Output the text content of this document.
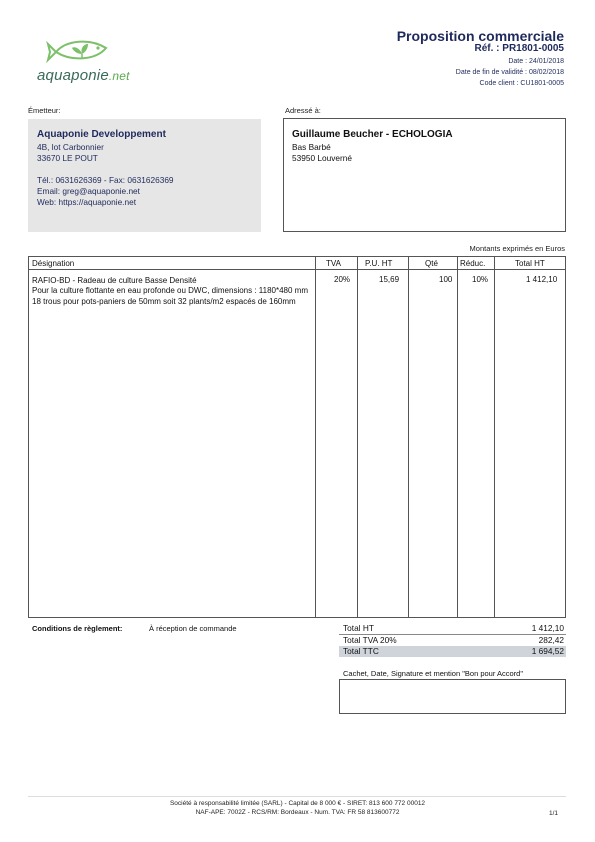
aquaponie.net
Proposition commerciale
Réf. : PR1801-0005
Date : 24/01/2018
Date de fin de validité : 08/02/2018
Code client : CU1801-0005
Émetteur:
Aquaponie Developpement
4B, lot Carbonnier
33670 LE POUT
Tél.: 0631626369 - Fax: 0631626369
Email: greg@aquaponie.net
Web: https://aquaponie.net
Adressé à:
Guillaume Beucher - ECHOLOGIA
Bas Barbé
53950 Louverné
Montants exprimés en Euros
Désignation	TVA	P.U. HT	Qté	Réduc.	Total HT
RAFIO-BD - Radeau de culture Basse Densité
Pour la culture flottante en eau profonde ou DWC, dimensions : 1180*480 mm
18 trous pour pots-paniers de 50mm soit 32 plants/m2 espacés de 160mm
20%	15,69	100 10%	1 412,10
Conditions de règlement:	À réception de commande	Total HT	1 412,10
Total TVA 20%	282,42
Total TTC	1 694,52
Cachet, Date, Signature et mention "Bon pour Accord"
Société à responsabilité limitée (SARL) - Capital de 8 000 € - SIRET: 813 600 772 00012
NAF-APE: 7002Z - RCS/RM: Bordeaux - Num. TVA: FR 58 813600772	1/1
